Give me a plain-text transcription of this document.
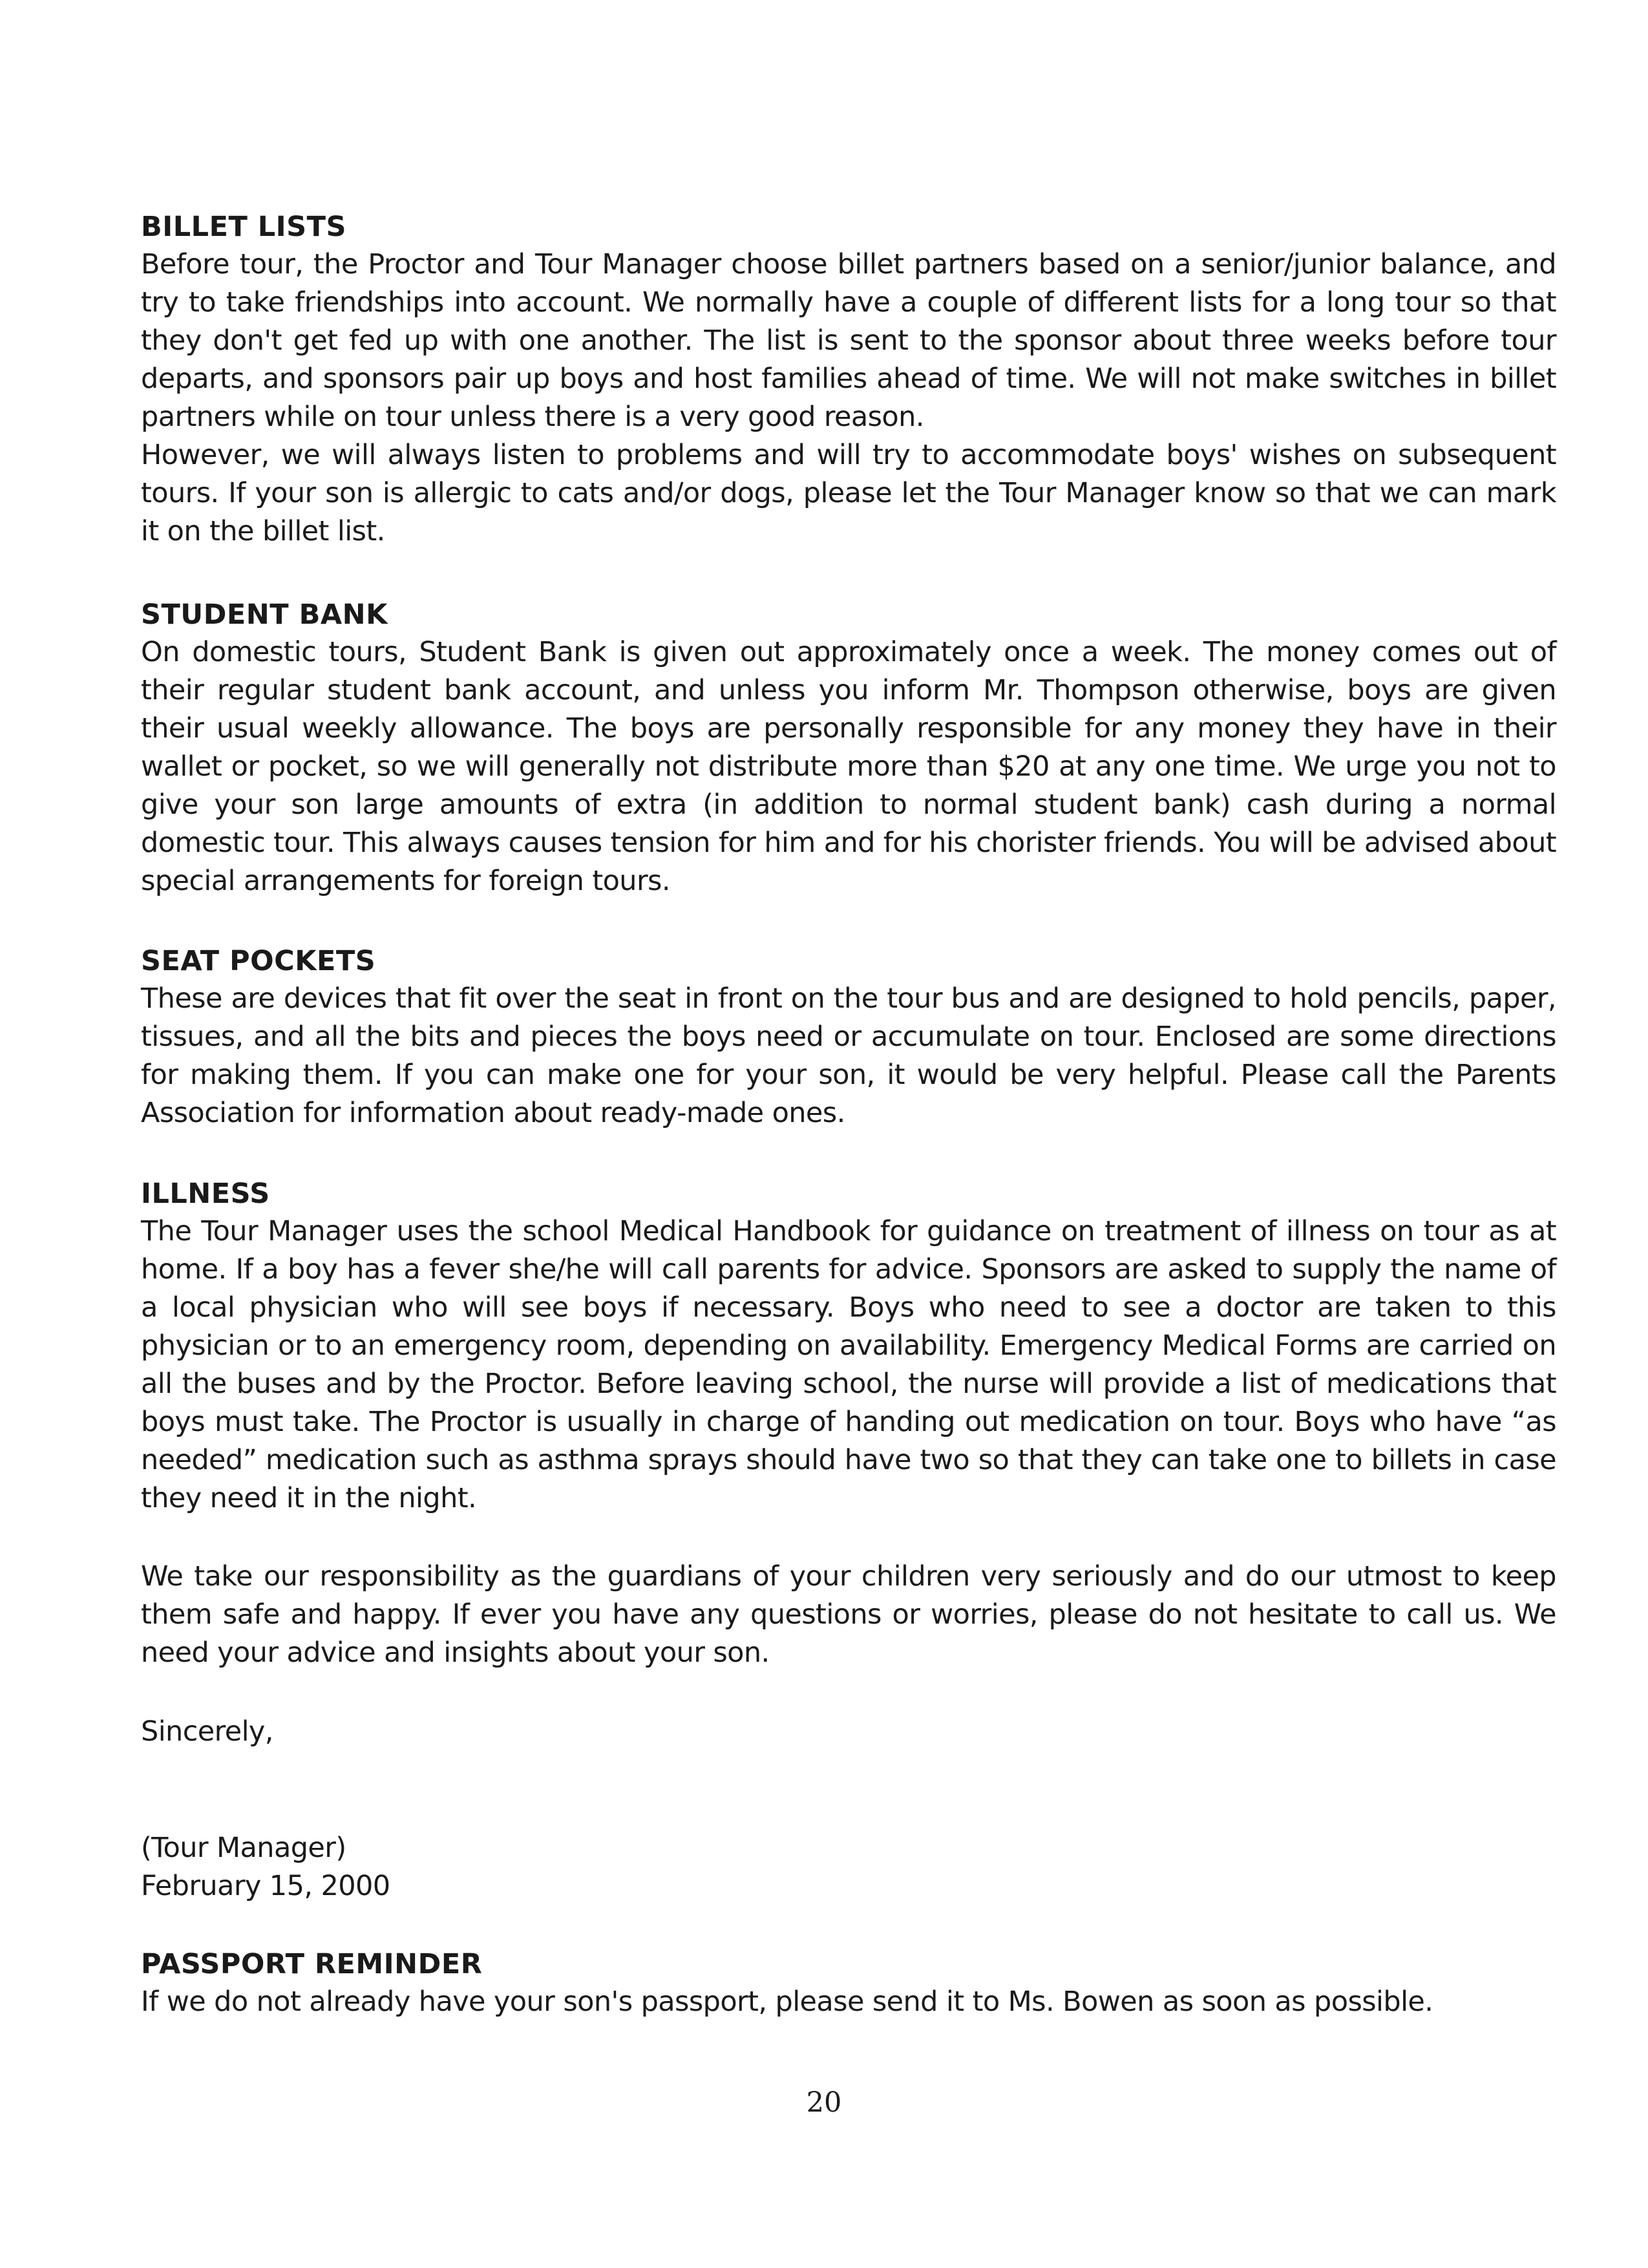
BILLET LISTS

Before tour, the Proctor and Tour Manager choose billet partners based on a senior/junior balance, and try to take friendships into account. We normally have a couple of different lists for a long tour so that they don't get fed up with one another. The list is sent to the sponsor about three weeks before tour departs, and sponsors pair up boys and host families ahead of time. We will not make switches in billet partners while on tour unless there is a very good reason.

However, we will always listen to problems and will try to accommodate boys' wishes on subsequent tours. If your son is allergic to cats and/or dogs, please let the Tour Manager know so that we can mark it on the billet list.

STUDENT BANK

On domestic tours, Student Bank is given out approximately once a week. The money comes out of their regular student bank account, and unless you inform Mr. Thompson otherwise, boys are given their usual weekly allowance. The boys are personally responsible for any money they have in their wallet or pocket, so we will generally not distribute more than $20 at any one time. We urge you not to give your son large amounts of extra (in addition to normal student bank) cash during a normal domestic tour. This always causes tension for him and for his chorister friends. You will be advised about special arrangements for foreign tours.

SEAT POCKETS

These are devices that fit over the seat in front on the tour bus and are designed to hold pencils, paper, tissues, and all the bits and pieces the boys need or accumulate on tour. Enclosed are some directions for making them. If you can make one for your son, it would be very helpful. Please call the Parents Association for information about ready-made ones.

ILLNESS

The Tour Manager uses the school Medical Handbook for guidance on treatment of illness on tour as at home. If a boy has a fever she/he will call parents for advice. Sponsors are asked to supply the name of a local physician who will see boys if necessary. Boys who need to see a doctor are taken to this physician or to an emergency room, depending on availability. Emergency Medical Forms are carried on all the buses and by the Proctor. Before leaving school, the nurse will provide a list of medications that boys must take. The Proctor is usually in charge of handing out medication on tour. Boys who have “as needed” medication such as asthma sprays should have two so that they can take one to billets in case they need it in the night.

We take our responsibility as the guardians of your children very seriously and do our utmost to keep them safe and happy. If ever you have any questions or worries, please do not hesitate to call us. We need your advice and insights about your son.

Sincerely,

(Tour Manager)

February 15, 2000

PASSPORT REMINDER

If we do not already have your son's passport, please send it to Ms. Bowen as soon as possible.

20
